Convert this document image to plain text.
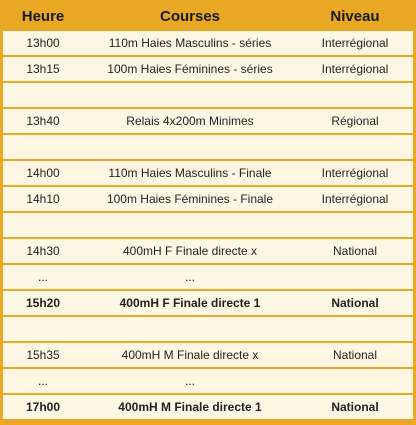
Heure	Courses	Niveau
13h00	110m Haies Masculins - séries	Interrégional
13h15	100m Haies Féminines - séries	Interrégional

13h40	Relais 4x200m Minimes	Régional

14h00	110m Haies Masculins - Finale	Interrégional
14h10	100m Haies Féminines - Finale	Interrégional

14h30	400mH F Finale directe x	National
...	...	
15h20	400mH F Finale directe 1	National

15h35	400mH M Finale directe x	National
...	...	
17h00	400mH M Finale directe 1	National
